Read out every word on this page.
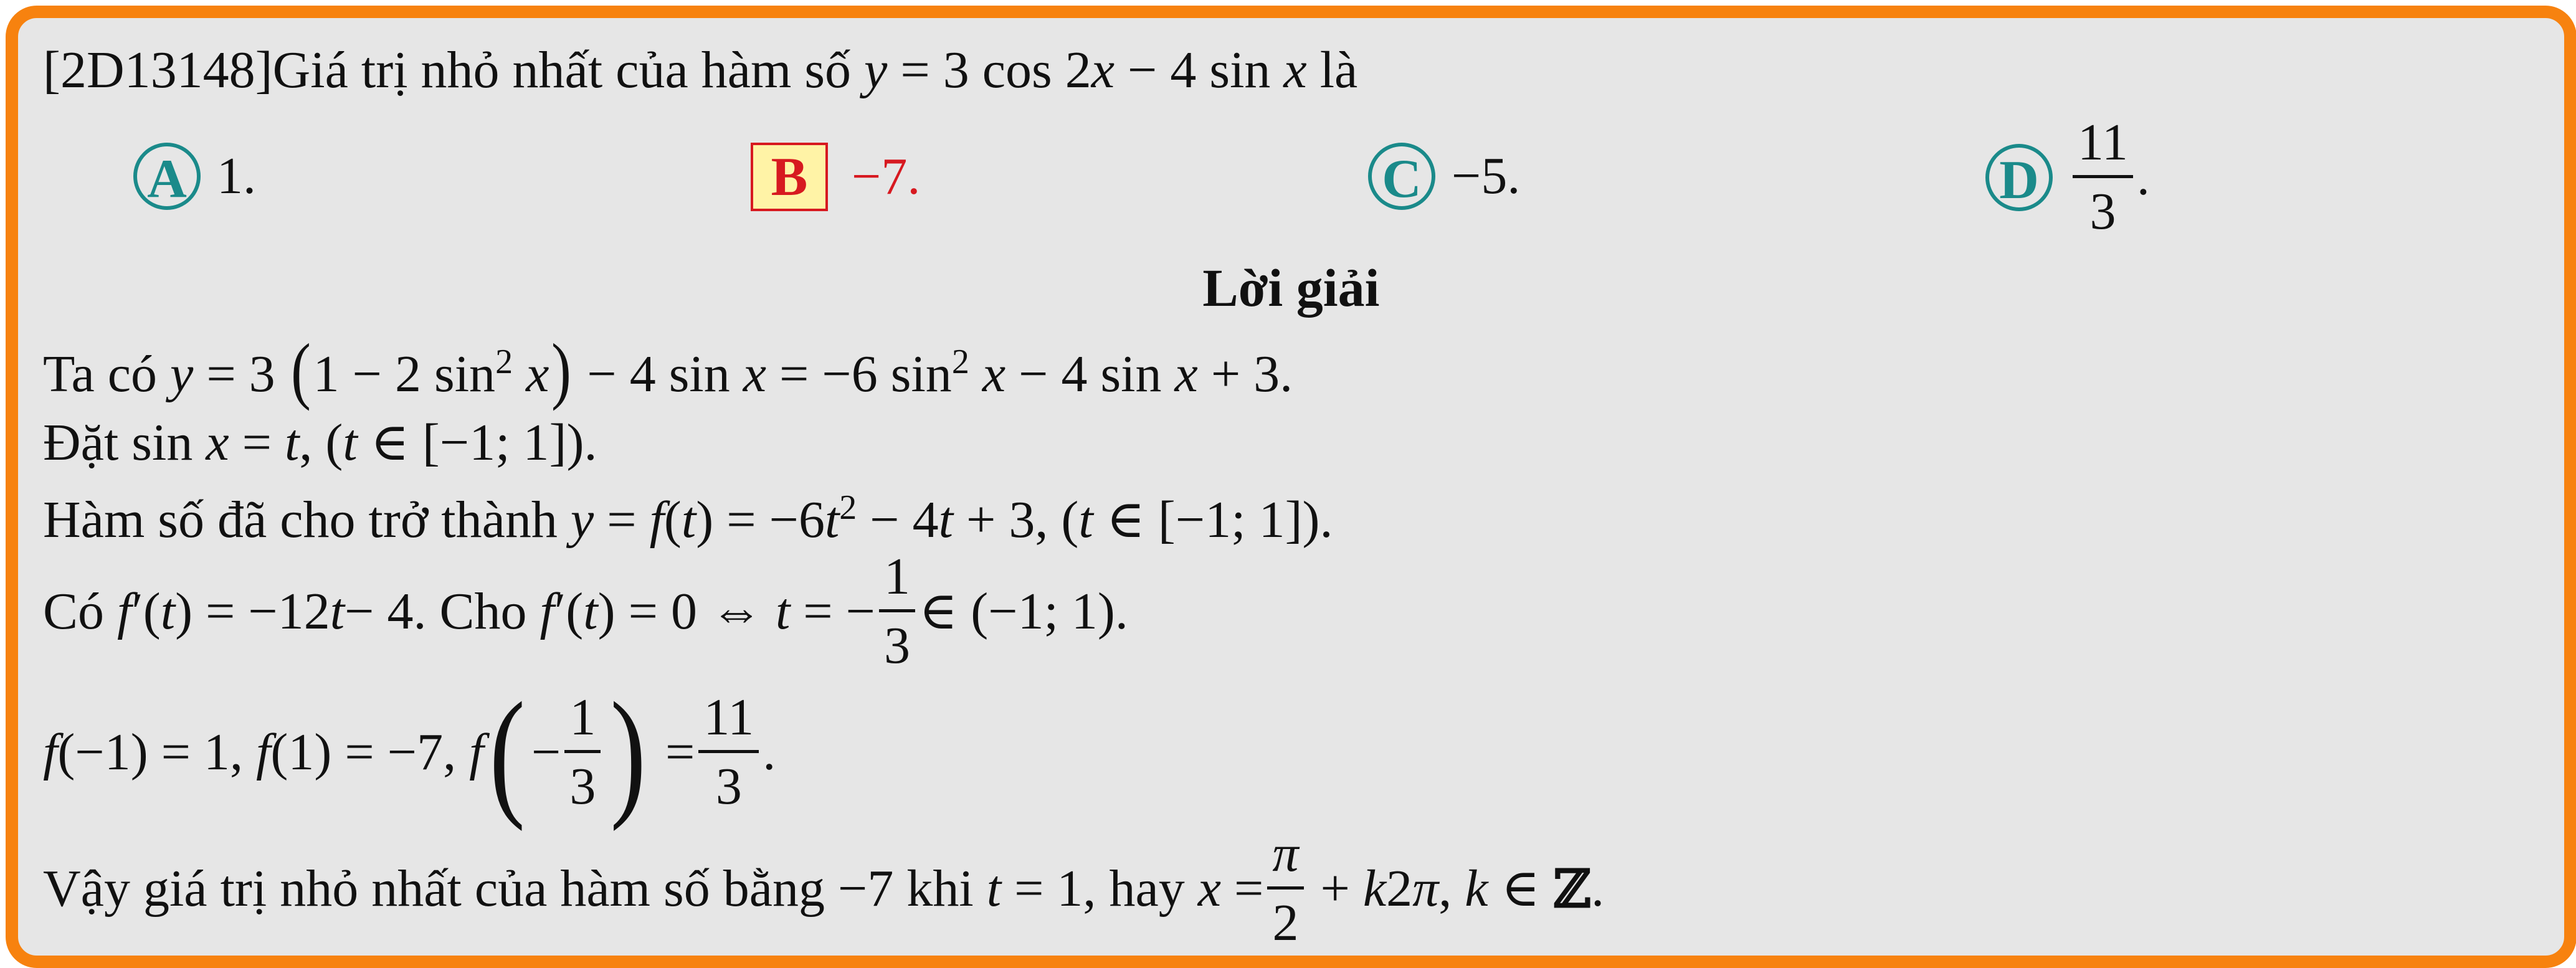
[2D13148]Giá trị nhỏ nhất của hàm số y = 3 cos 2x − 4 sin x là
A 1.	B −7.	C −5.	D $\frac{11}{3}$ .
Lời giải
Ta có y = 3 (1 − 2 $\sin^2 x) - 4$ sin x = −6 $\sin^2 x - 4$ sin x + 3.
Đặt sin x = t, (t ∈ [−1; 1]).
Hàm số đã cho trở thành $y = f(t) = -6t^2 - 4t + 3$, (t ∈ [−1; 1]).
Có
f ′( t ) = −12 t − 4. Cho
f ′( t ) = 0 ⇔ t = − $\frac{1}{3}$ ∈ (−1; 1).
f (−1) = 1, f (1) = −7, f ( − $\frac{1}{3}$ ) = $\frac{11}{3}$ .
Vậy giá trị nhỏ nhất của hàm số bằng −7 khi
t = 1, hay
$x = \frac{\pi}{2} + k$ 2 π , k ∈ ℤ .
